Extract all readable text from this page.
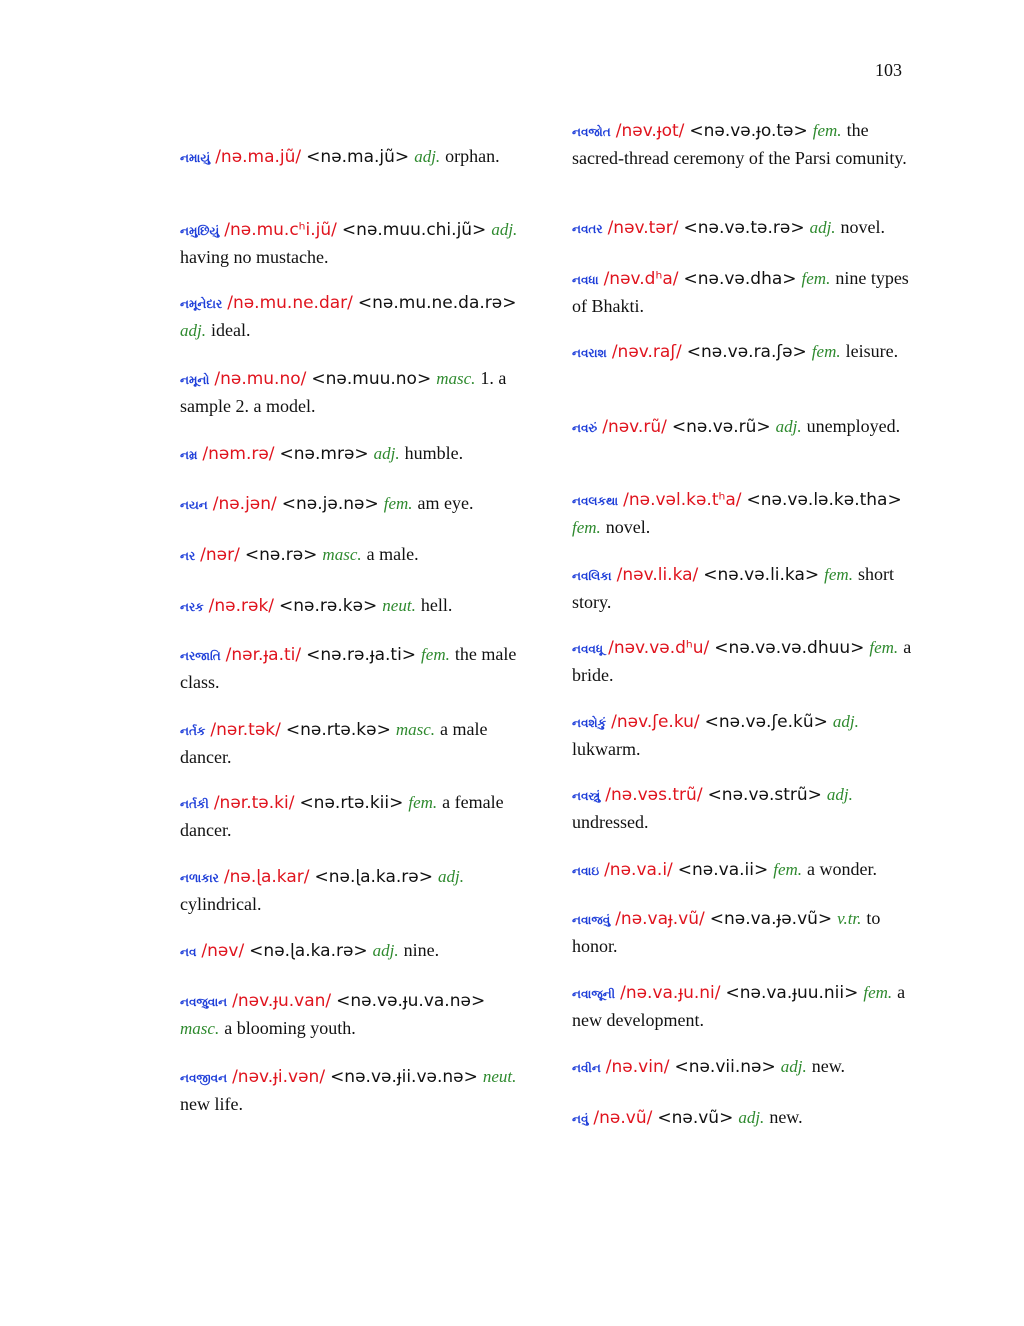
103
નમાયું /nə.ma.jũ/ <nə.ma.jũ> adj. orphan.
નમુછિયું /nə.mu.cʰi.jũ/ <nə.muu.chi.jũ> adj.having no mustache.
નમૂનેદાર /nə.mu.ne.dar/ <nə.mu.ne.da.rə>adj. ideal.
નમૂનો /nə.mu.no/ <nə.muu.no> masc. 1. a sample 2. a model.
નમ્ર /nəm.rə/ <nə.mrə> adj. humble.
નયન /nə.jən/ <nə.jə.nə> fem. am eye.
નર /nər/ <nə.rə> masc. a male.
નરક /nə.rək/ <nə.rə.kə> neut. hell.
નરજાતિ /nər.ɟa.ti/ <nə.rə.ɟa.ti> fem. the male class.
નર્તક /nər.tək/ <nə.rtə.kə> masc. a male dancer.
નર્તકી /nər.tə.ki/ <nə.rtə.kii> fem. a female dancer.
નળાકાર /nə.ɭa.kar/ <nə.ɭa.ka.rə> adj.cylindrical.
નવ /nəv/ <nə.ɭa.ka.rə> adj. nine.
નવજુવાન /nəv.ɟu.van/ <nə.və.ɟu.va.nə>masc. a blooming youth.
નવજીવન /nəv.ɟi.vən/ <nə.və.ɟii.və.nə> neut.new life.
નવજોત /nəv.ɟot/ <nə.və.ɟo.tə> fem. the sacred-thread ceremony of the Parsi comunity.
નવતર /nəv.tər/ <nə.və.tə.rə> adj. novel.
નવધા /nəv.dʰa/ <nə.və.dha> fem. nine types of Bhakti.
નવરાશ /nəv.raʃ/ <nə.və.ra.ʃə> fem. leisure.
નવરું /nəv.rũ/ <nə.və.rũ> adj. unemployed.
નવલકથા /nə.vəl.kə.tʰa/ <nə.və.lə.kə.tha>fem. novel.
નવલિકા /nəv.li.ka/ <nə.və.li.ka> fem. short story.
નવવધૂ /nəv.və.dʰu/ <nə.və.və.dhuu> fem. a bride.
નવશેકું /nəv.ʃe.ku/ <nə.və.ʃe.kũ> adj.lukwarm.
નવસ્ત્રું /nə.vəs.trũ/ <nə.və.strũ> adj.undressed.
નવાઇ /nə.va.i/ <nə.va.ii> fem. a wonder.
નવાજવું /nə.vaɟ.vũ/ <nə.va.ɟə.vũ> v.tr. to honor.
નવાજૂની /nə.va.ɟu.ni/ <nə.va.ɟuu.nii> fem. a new development.
નવીન /nə.vin/ <nə.vii.nə> adj. new.
નવું /nə.vũ/ <nə.vũ> adj. new.
